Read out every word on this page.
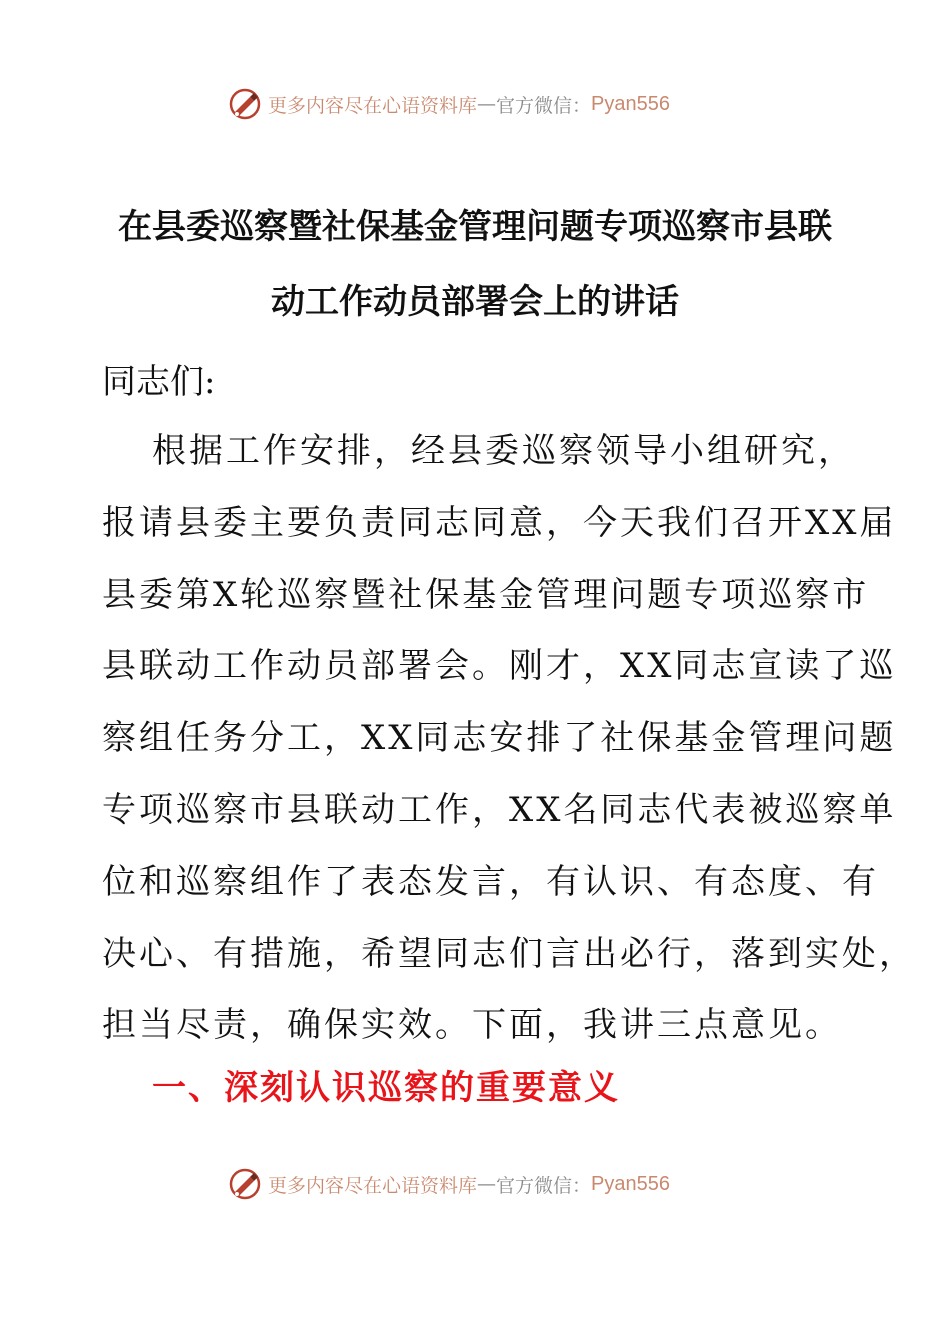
更多内容尽在心语资料库 — 官方微信： Pyan556
在县委巡察暨社保基金管理问题专项巡察市县联
动工作动员部署会上的讲话

同志们:

根据工作安排，经县委巡察领导小组研究，
报请县委主要负责同志同意，今天我们召开XX届
县委第X轮巡察暨社保基金管理问题专项巡察市
县联动工作动员部署会。刚才，XX同志宣读了巡
察组任务分工，XX同志安排了社保基金管理问题
专项巡察市县联动工作，XX名同志代表被巡察单
位和巡察组作了表态发言，有认识、有态度、有
决心、有措施，希望同志们言出必行，落到实处，
担当尽责，确保实效。下面，我讲三点意见。

一、深刻认识巡察的重要意义
更多内容尽在心语资料库 — 官方微信： Pyan556
